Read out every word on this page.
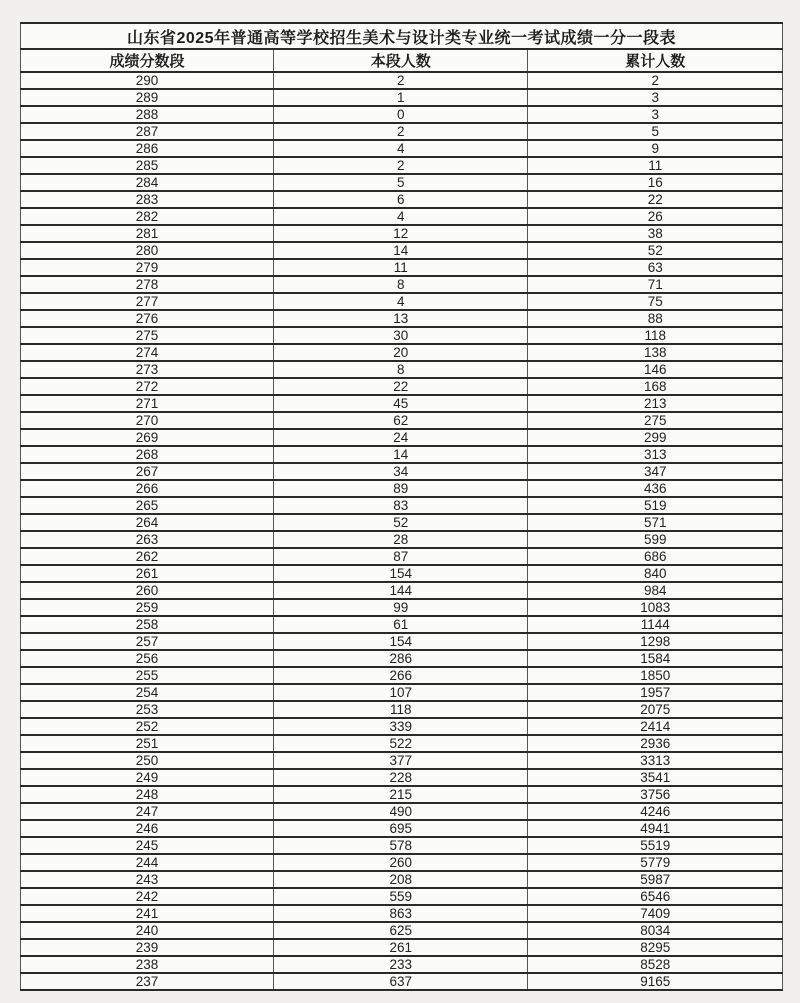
山东省2025年普通高等学校招生美术与设计类专业统一考试成绩一分一段表		
成绩分数段	本段人数	累计人数
290	2	2
289	1	3
288	0	3
287	2	5
286	4	9
285	2	11
284	5	16
283	6	22
282	4	26
281	12	38
280	14	52
279	11	63
278	8	71
277	4	75
276	13	88
275	30	118
274	20	138
273	8	146
272	22	168
271	45	213
270	62	275
269	24	299
268	14	313
267	34	347
266	89	436
265	83	519
264	52	571
263	28	599
262	87	686
261	154	840
260	144	984
259	99	1083
258	61	1144
257	154	1298
256	286	1584
255	266	1850
254	107	1957
253	118	2075
252	339	2414
251	522	2936
250	377	3313
249	228	3541
248	215	3756
247	490	4246
246	695	4941
245	578	5519
244	260	5779
243	208	5987
242	559	6546
241	863	7409
240	625	8034
239	261	8295
238	233	8528
237	637	9165
